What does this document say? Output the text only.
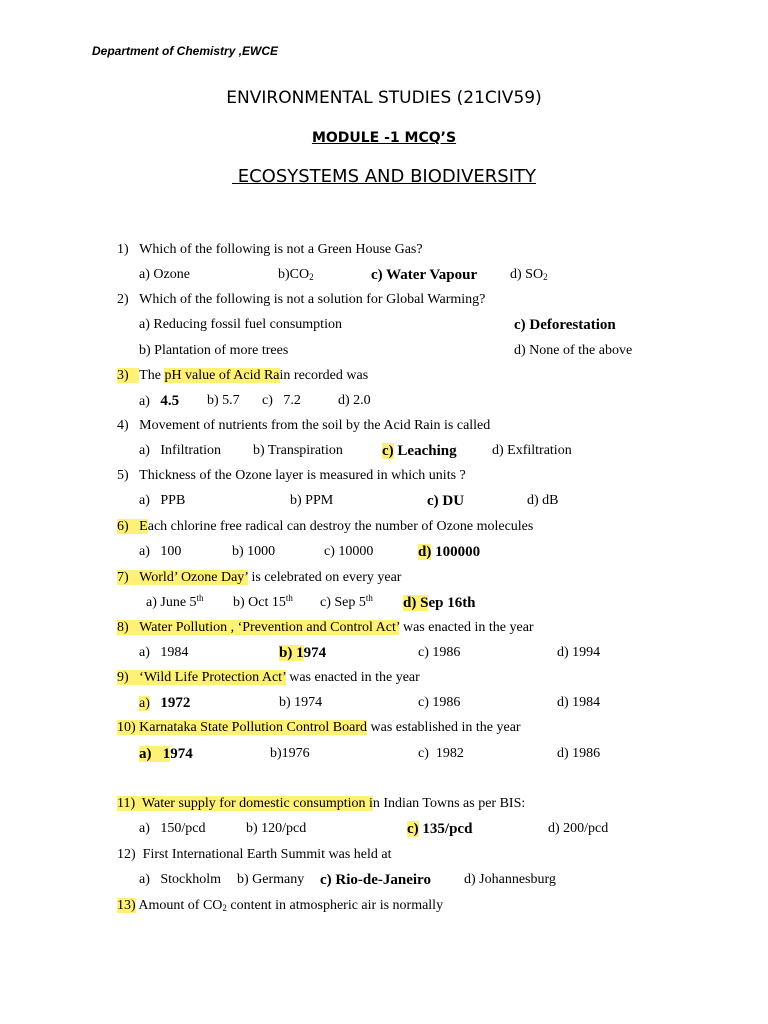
Department of Chemistry ,EWCE
ENVIRONMENTAL STUDIES (21CIV59)
MODULE -1 MCQ’S
ECOSYSTEMS AND BIODIVERSITY
1) Which of the following is not a Green House Gas?
a) Ozone	$b)CO_2$	c) Water Vapour d) $SO_2$
2) Which of the following is not a solution for Global Warming?
a) Reducing fossil fuel consumption	c) Deforestation
b) Plantation of more trees	d) None of the above
3) The pH value of Acid Rain recorded was
a) 4.5 b) 5.7 c)   7.2	d) 2.0
4) Movement of nutrients from the soil by the Acid Rain is called
a)   Infiltration b) Transpiration	c) Leaching	d) Exfiltration
5) Thickness of the Ozone layer is measured in which units ?
a)   PPB	b) PPM	c) DU	d) dB
6) Each chlorine free radical can destroy the number of Ozone molecules
a)   100	b) 1000	c) 10000	d) 100000
7) World’ Ozone Day’ is celebrated on every year
a) June 5th b) Oct 15th c) Sep 5th d) Sep 16th
8) Water Pollution , ‘Prevention and Control Act’ was enacted in the year
a)   1984	b) 1974	c) 1986	d) 1994
9) ‘Wild Life Protection Act’ was enacted in the year
a) 1972	b) 1974	c) 1986	d) 1984
10) Karnataka State Pollution Control Board was established in the year
a)   1974	b)1976	c)  1982	d) 1986
11)  Water supply for domestic consumption in Indian Towns as per BIS:
a)   150/pcd	b) 120/pcd	c) 135/pcd	d) 200/pcd
12)  First International Earth Summit was held at
a)   Stockholm b) Germany c) Rio-de-Janeiro d) Johannesburg
13) Amount of $CO_2$ content in atmospheric air is normally
